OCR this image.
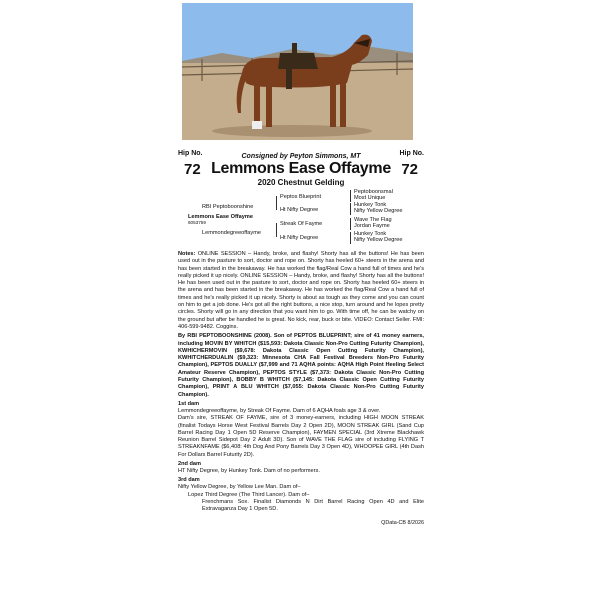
Hip No.	Hip No.
72	72
Consigned by Peyton Simmons, MT
Lemmons Ease Offayme
2020 Chestnut Gelding
RBI Peptoboonshine
Lemmons Ease Offayme
6053759
Lemmondegreeoffayme
Peptos Blueprint
Ht Nifty Degree
Streak Of Fayme
Ht Nifty Degree
Peptoboonsmal
Most Unique
Hunkey Tonk
Nifty Yellow Degree
Wave The Flag
Jordan Fayme
Hunkey Tonk
Nifty Yellow Degree
Notes: ONLINE SESSION – Handy, broke, and flashy! Shorty has all the buttons! He has been used out in the pasture to sort, doctor and rope on. Shorty has heeled 60+ steers in the arena and has been started in the breakaway. He has worked the flag/Real Cow a hand full of times and he's really picked it up nicely. ONLINE SESSION – Handy, broke, and flashy! Shorty has all the buttons! He has been used out in the pasture to sort, doctor and rope on. Shorty has heeled 60+ steers in the arena and has been started in the breakaway. He has worked the flag/Real Cow a hand full of times and he's really picked it up nicely. Shorty is about as tough as they come and you can count on him to get a job done. He's got all the right buttons, a nice stop, turn around and he lopes pretty circles. Shorty will go in any direction that you want him to go. With time off, he can be watchy on the ground but after be handled he is great. No kick, rear, buck or bite. VIDEO: Contact Seller. FMI: 406-599-9482. Coggins.
By RBI PEPTOBOONSHINE (2008). Son of PEPTOS BLUEPRINT; sire of 41 money earners, including MOVIN BY WHITCH ($15,593: Dakota Classic Non-Pro Cutting Futurity Champion), KWHICHERMOVIN ($9,678: Dakota Classic Open Cutting Futurity Champion), KWHITCHERDUALIN ($9,323: Minnesota CHA Fall Festival Breeders Non-Pro Futurity Champion), PEPTOS DUALLY ($7,999 and 71 AQHA points: AQHA High Point Heeling Select Amateur Reserve Champion), PEPTOS STYLE ($7,373: Dakota Classic Non-Pro Cutting Futurity Champion), BOBBY B WHITCH ($7,145: Dakota Classic Open Cutting Futurity Champion), PRINT A BLU WHITCH ($7,055: Dakota Classic Non-Pro Cutting Futurity Champion).
1st dam
Lemmondegreeoffayme, by Streak Of Fayme. Dam of 6 AQHA foals age 3 & over.
Dam's sire, STREAK OF FAYME, sire of 3 money-earners, including HIGH MOON STREAK (finalist Todays Horse West Festival Barrels Day 2 Open 2D), MOON STREAK GIRL (Sand Cup Barrel Racing Day 1 Open 5D Reserve Champion), FAYMEN SPECIAL (3rd Xtreme Blackhawk Reunion Barrel Sidepot Day 2 Adult 3D). Son of WAVE THE FLAG sire of including FLYING T STREAKNFAME ($6,408: 4th Dog And Pony Barrels Day 3 Open 4D), WHOOPEE GIRL (4th Dash For Dollars Barrel Futurity 2D).
2nd dam
HT Nifty Degree, by Hunkey Tonk. Dam of no performers.
3rd dam
Nifty Yellow Degree, by Yellow Lee Man. Dam of–
Lopez Third Degree (The Third Lancer). Dam of–
Frenchmans Sox. Finalist Diamonds N Dirt Barrel Racing Open 4D and Elite Extravaganza Day 1 Open 5D.
QData-CB 8/2026
